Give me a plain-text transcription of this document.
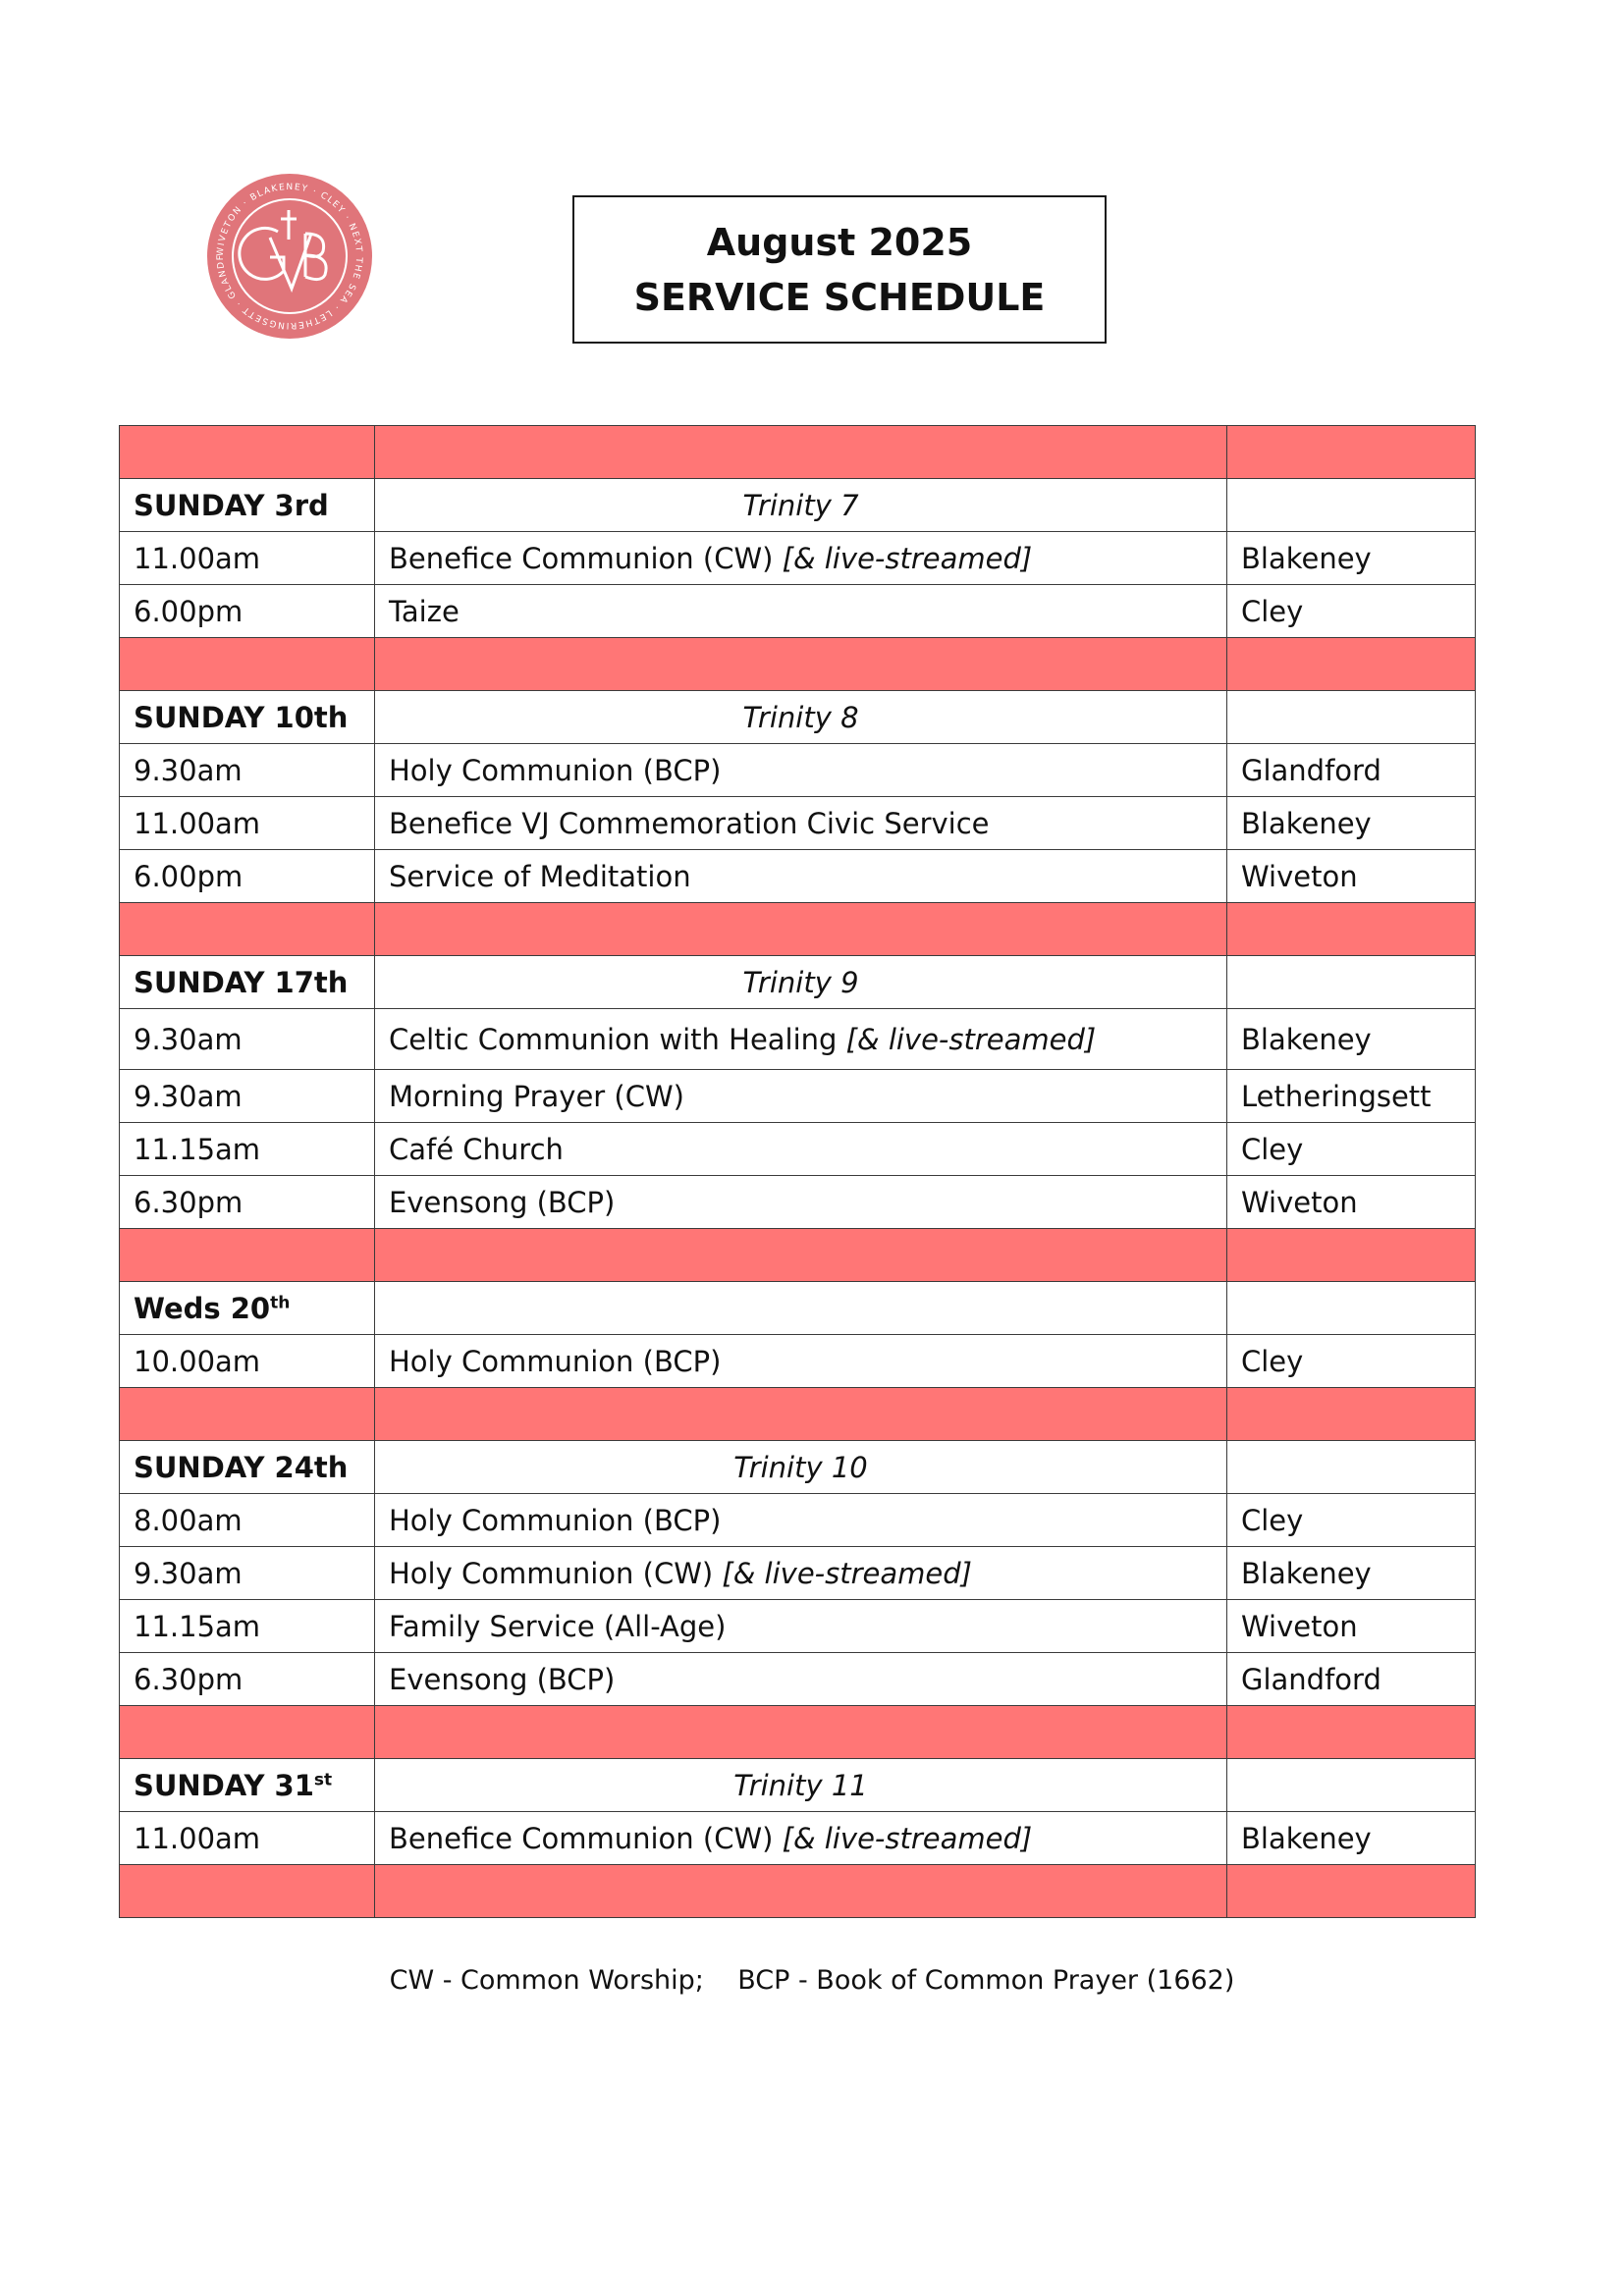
WIVETON · BLAKENEY · CLEY · NEXT THE SEA · LETHERINGSETT · GLANDF	August 2025
SERVICE SCHEDULE

SUNDAY 3rd	Trinity 7	
11.00am	Benefice Communion (CW) [& live-streamed]	Blakeney
6.00pm	Taize	Cley

SUNDAY 10th	Trinity 8	
9.30am	Holy Communion (BCP)	Glandford
11.00am	Benefice VJ Commemoration Civic Service	Blakeney
6.00pm	Service of Meditation	Wiveton

SUNDAY 17th	Trinity 9	
9.30am	Celtic Communion with Healing [& live-streamed]	Blakeney
9.30am	Morning Prayer (CW)	Letheringsett
11.15am	Café Church	Cley
6.30pm	Evensong (BCP)	Wiveton

Weds 20th		
10.00am	Holy Communion (BCP)	Cley

SUNDAY 24th	Trinity 10	
8.00am	Holy Communion (BCP)	Cley
9.30am	Holy Communion (CW) [& live-streamed]	Blakeney
11.15am	Family Service (All-Age)	Wiveton
6.30pm	Evensong (BCP)	Glandford

SUNDAY 31st	Trinity 11	
11.00am	Benefice Communion (CW) [& live-streamed]	Blakeney

CW - Common Worship;    BCP - Book of Common Prayer (1662)
